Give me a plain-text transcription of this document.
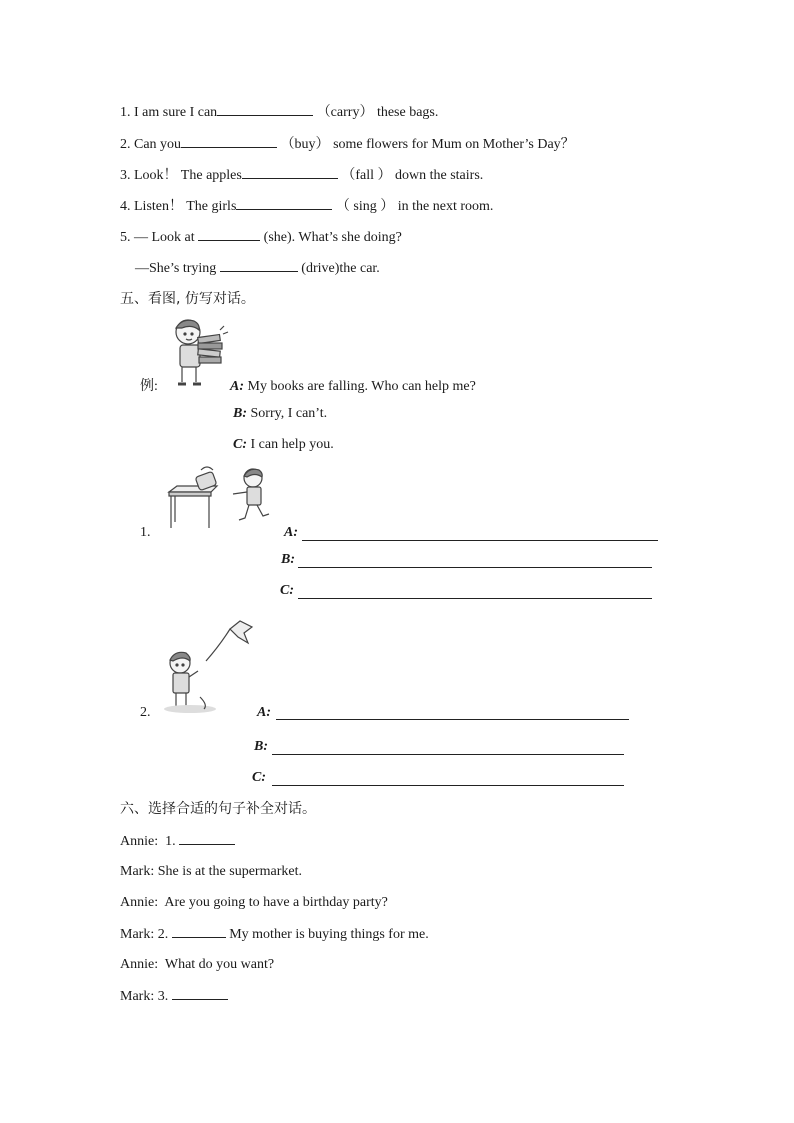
1. I am sure I can	（carry） these bags.
2. Can you	（buy） some flowers for Mum on Mother’s Day？
3. Look！ The apples	（fall ） down the stairs.
4. Listen！ The girls	（ sing ） in the next room.
5. — Look at	(she). What’s she doing?
—She’s trying	(drive)the car.
五、看图, 仿写对话。
例:	A: My books are falling. Who can help me?
B: Sorry, I can’t.
C: I can help you.
1.	A:
B:
C:
2.	A:
B:
C:
六、选择合适的句子补全对话。
Annie: 1.
Mark: She is at the supermarket.
Annie: Are you going to have a birthday party?
Mark: 2.	My mother is buying things for me.
Annie: What do you want?
Mark: 3.
